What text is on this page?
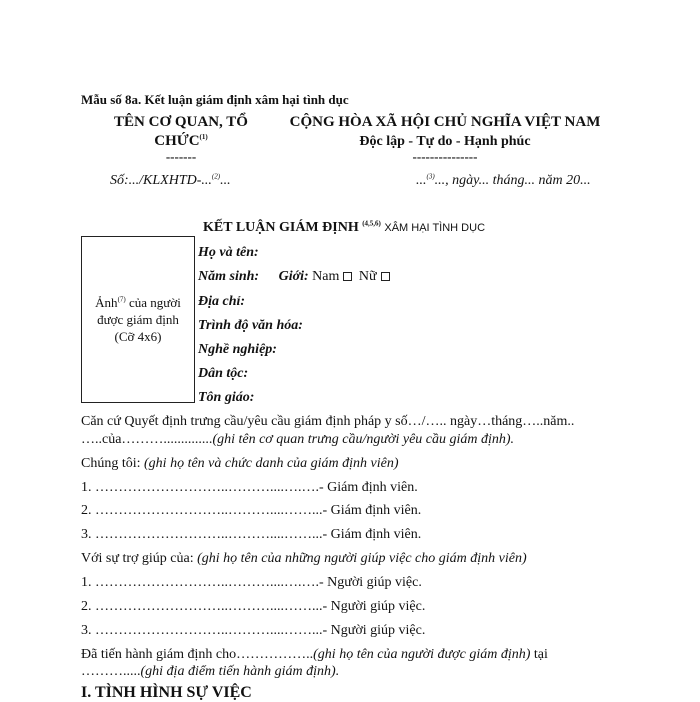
Mẫu số 8a. Kết luận giám định xâm hại tình dục
TÊN CƠ QUAN, TỔ
CHỨC$^{(1)}$
-------
CỘNG HÒA XÃ HỘI CHỦ NGHĨA VIỆT NAM
Độc lập - Tự do - Hạnh phúc
---------------
Số:.../KLXHTD-...$^{(2)}$...	...$^{(3)}$..., ngày... tháng... năm 20...
KẾT LUẬN GIÁM ĐỊNH $^{(4,5,6)}$ XÂM HẠI TÌNH DỤC
Ảnh$^{(7)}$ của người
được giám định
(Cỡ 4x6)
Họ và tên:
Năm sinh: Giới: Nam Nữ
Địa chỉ:
Trình độ văn hóa:
Nghề nghiệp:
Dân tộc:
Tôn giáo:
Căn cứ Quyết định trưng cầu/yêu cầu giám định pháp y số…/….. ngày…tháng…..năm..
…..của………..............(ghi tên cơ quan trưng cầu/người yêu cầu giám định).
Chúng tôi: (ghi họ tên và chức danh của giám định viên)
1. ………………………..………....….….- Giám định viên.
2. ………………………..………....……...- Giám định viên.
3. ………………………..………....……...- Giám định viên.
Với sự trợ giúp của: (ghi họ tên của những người giúp việc cho giám định viên)
1. ………………………..………....….….- Người giúp việc.
2. ………………………..………....……...- Người giúp việc.
3. ………………………..………....……...- Người giúp việc.
Đã tiến hành giám định cho……………..(ghi họ tên của người được giám định) tại
……….....(ghi địa điểm tiến hành giám định).
I. TÌNH HÌNH SỰ VIỆC
